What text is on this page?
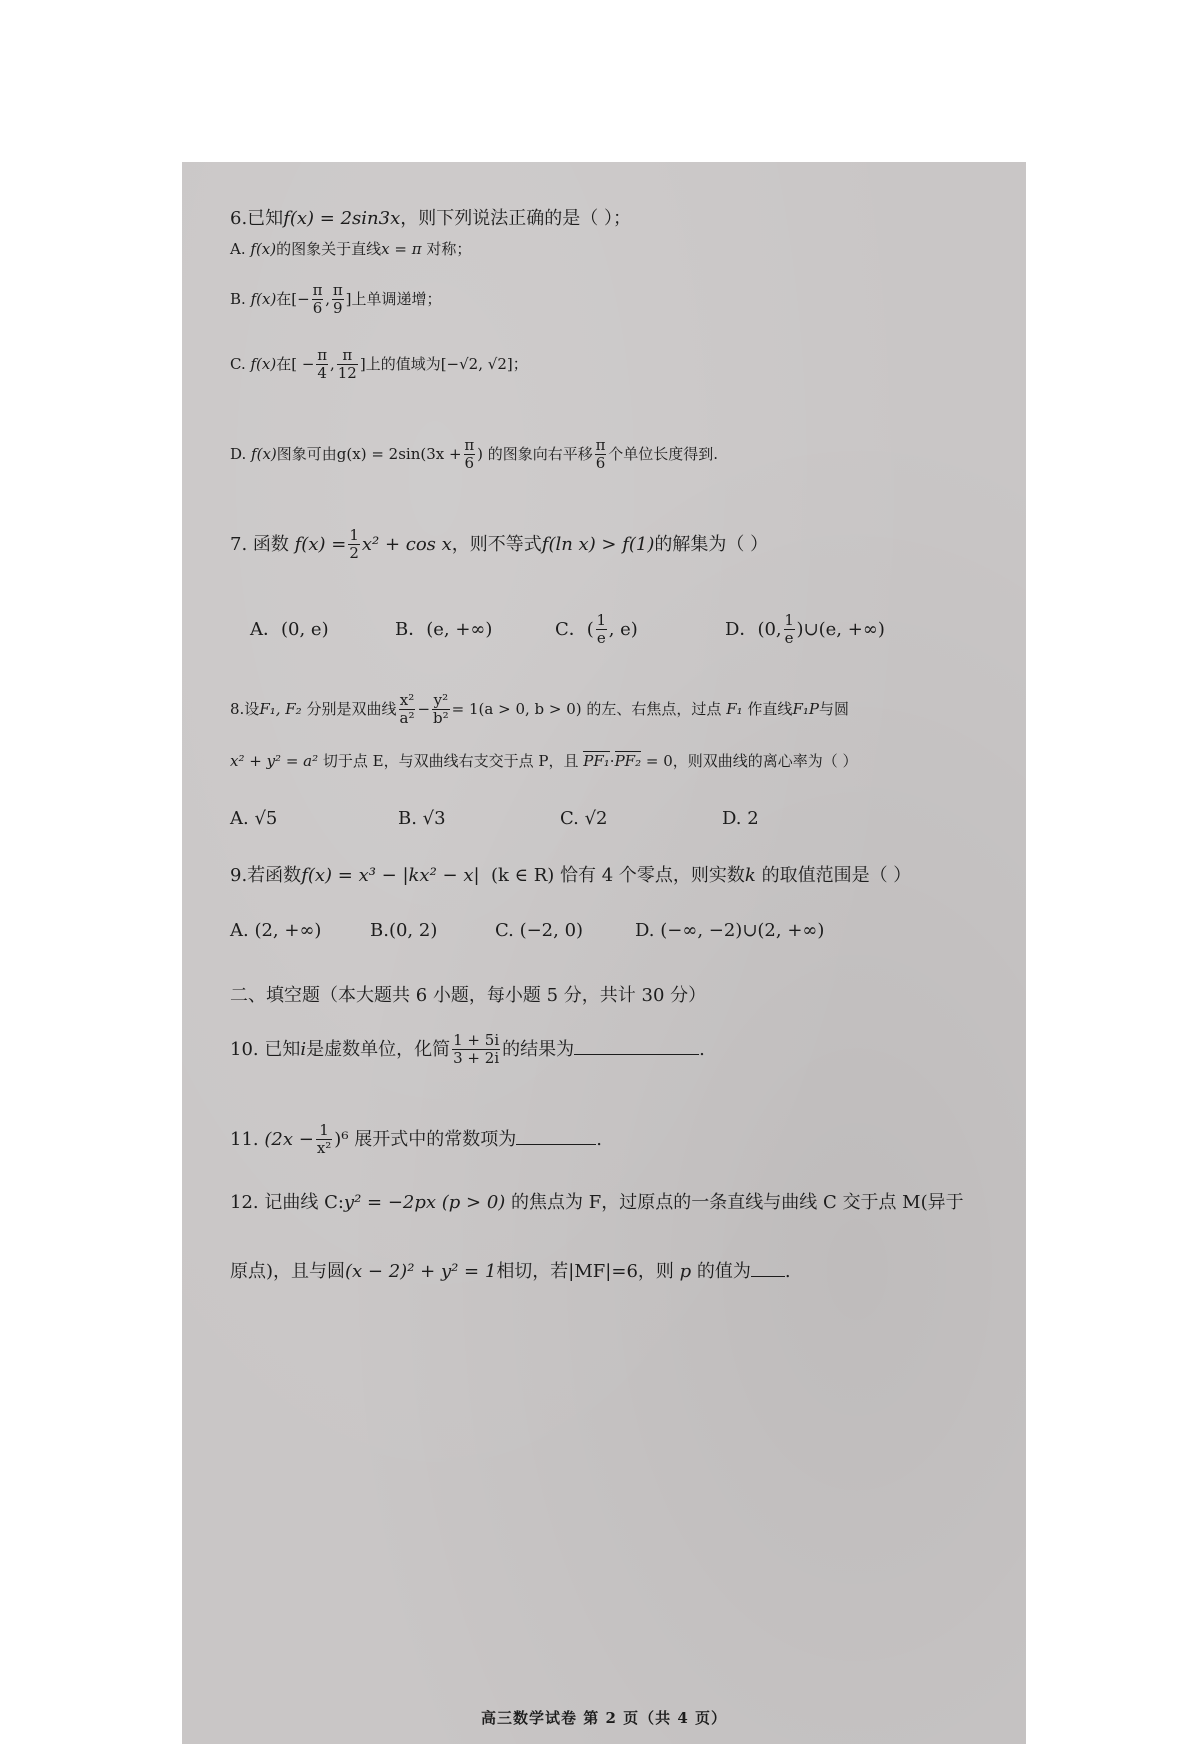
6.已知f(x) = 2sin3x，则下列说法正确的是（ ）；
A. f(x)的图象关于直线x = π 对称；
B. f(x)在[− $\frac{\pi}{6}$ , $\frac{\pi}{9}$ ]上单调递增；
C. f(x)在[ − $\frac{\pi}{4}$ , $\frac{\pi}{12}$ ]上的值域为[−√2, √2]；
D. f(x)图象可由$g(x) = 2\sin(3x + \frac{\pi}{6}$ ) 的图象向右平移 $\frac{\pi}{6}$ 个单位长度得到.
7. 函数 $f(x) = \frac{1}{2} x^2 + \cos x$，则不等式f(ln x) > f(1)的解集为（ ）
A．(0, e)	B．(e, +∞)	C．( $\frac{1}{e}$ , e)	D．(0, $\frac{1}{e}$ )∪(e, +∞)
8.设F₁, F₂ 分别是双曲线 $\frac{\text{x²}}{\text{a²}} - \frac{\text{y²}}{\text{b²}} = 1(a > 0$, b > 0) 的左、右焦点，过点 F₁ 作直线F₁P与圆
x² + y² = a² 切于点 E，与双曲线右支交于点 P，且 PF₁·PF₂ = 0，则双曲线的离心率为（ ）
A. √5	B. √3	C. √2	D. 2
9.若函数f(x) = x³ − |kx² − x| (k ∈ R) 恰有 4 个零点，则实数k 的取值范围是（ ）
A. (2, +∞)	B.(0, 2)	C. (−2, 0)	D. (−∞, −2)∪(2, +∞)
二、填空题（本大题共 6 小题，每小题 5 分，共计 30 分）
10. 已知i是虚数单位，化简 $\frac{1 + 5i}{3 + 2i}$ 的结果为	.
11. $(2x - \frac{1}{\text{x²}} )^6$ 展开式中的常数项为	.
12. 记曲线 C:y² = −2px (p > 0) 的焦点为 F，过原点的一条直线与曲线 C 交于点 M(异于
原点)，且与圆(x − 2)² + y² = 1相切，若|MF|=6，则 p 的值为 .
高三数学试卷 第 2 页（共 4 页）
